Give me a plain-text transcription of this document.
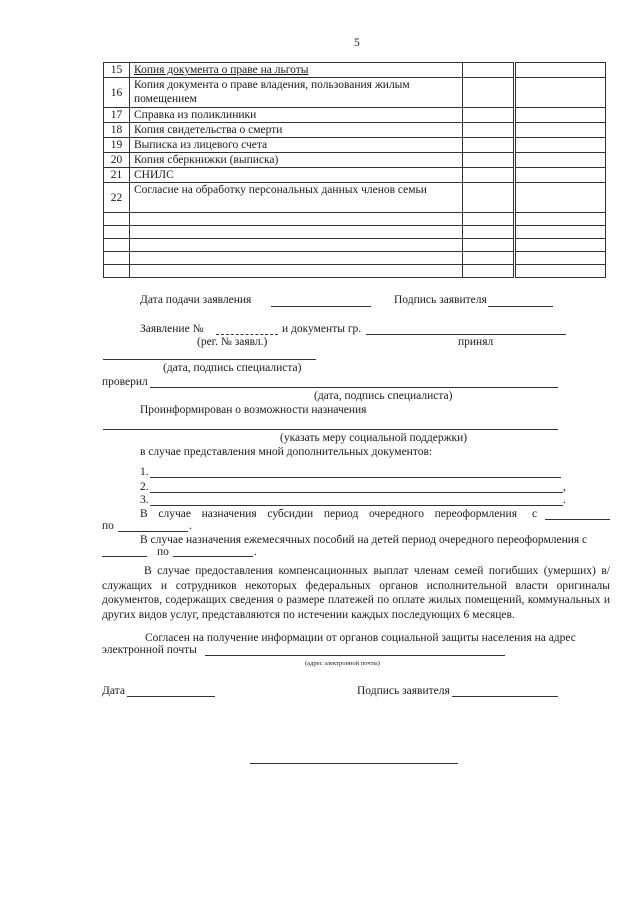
5
15	Копия документа о праве на льготы		
16	Копия документа о праве владения, пользования жилым помещением		
17	Справка из поликлиники		
18	Копия свидетельства о смерти		
19	Выписка из лицевого счета		
20	Копия сберкнижки (выписка)		
21	СНИЛС		
22	Согласие на обработку персональных данных членов семьи		

Дата подачи заявления	Подпись заявителя
Заявление №	и документы гр.
(рег. № заявл.)	принял
(дата, подпись специалиста)
проверил
(дата, подпись специалиста)
Проинформирован о возможности назначения
(указать меру социальной поддержки)
в случае представления мной дополнительных документов:
1.
2.	,
3.	.
В случае назначения субсидии период очередного переоформления с
по	.
В случае назначения ежемесячных пособий на детей период очередного переоформления с
по	.
В случае предоставления компенсационных выплат членам семей погибших (умерших) в/служащих и сотрудников некоторых федеральных органов исполнительной власти оригиналы документов, содержащих сведения о размере платежей по оплате жилых помещений, коммунальных и других видов услуг, представляются по истечении каждых последующих 6 месяцев.
Согласен на получение информации от органов социальной защиты населения на адрес
электронной почты
(адрес электронной почты)
Дата	Подпись заявителя
